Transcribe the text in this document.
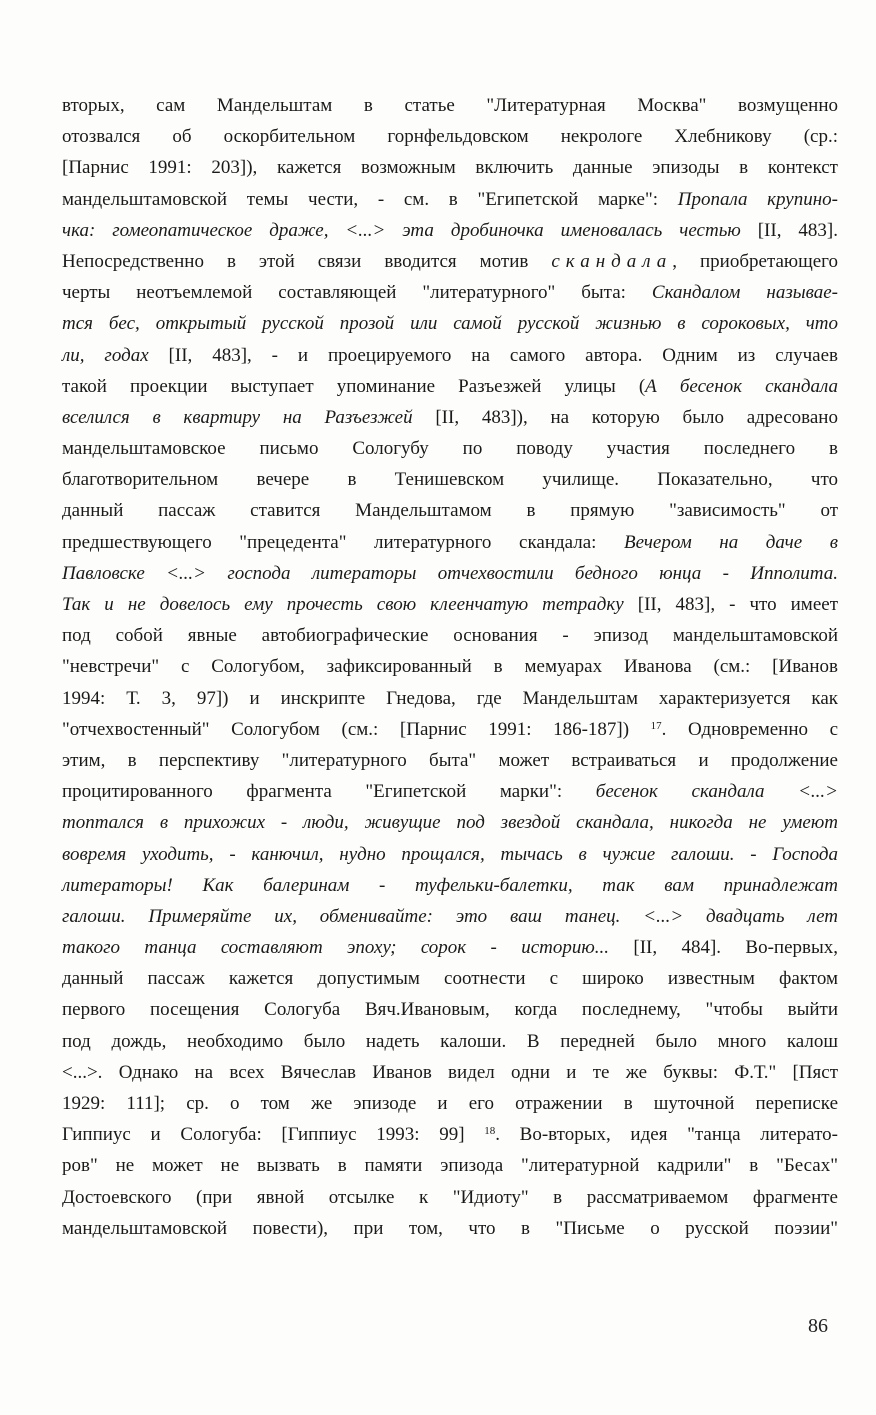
вторых, сам Мандельштам в статье "Литературная Москва" возмущенно
отозвался об оскорбительном горнфельдовском некрологе Хлебникову (ср.:
[Парнис 1991: 203]), кажется возможным включить данные эпизоды в контекст
мандельштамовской темы чести, - см. в "Египетской марке": Пропала крупино-
чка: гомеопатическое драже, <...> эта дробиночка именовалась честью [II, 483].
Непосредственно в этой связи вводится мотив скандала, приобретающего
черты неотъемлемой составляющей "литературного" быта: Скандалом называе-
тся бес, открытый русской прозой или самой русской жизнью в сороковых, что
ли, годах [II, 483], - и проецируемого на самого автора. Одним из случаев
такой проекции выступает упоминание Разъезжей улицы (А бесенок скандала
вселился в квартиру на Разъезжей [II, 483]), на которую было адресовано
мандельштамовское письмо Сологубу по поводу участия последнего в
благотворительном вечере в Тенишевском училище. Показательно, что
данный пассаж ставится Мандельштамом в прямую "зависимость" от
предшествующего "прецедента" литературного скандала: Вечером на даче в
Павловске <...> господа литераторы отчехвостили бедного юнца - Ипполита.
Так и не довелось ему прочесть свою клеенчатую тетрадку [II, 483], - что имеет
под собой явные автобиографические основания - эпизод мандельштамовской
"невстречи" с Сологубом, зафиксированный в мемуарах Иванова (см.: [Иванов
1994: Т. 3, 97]) и инскрипте Гнедова, где Мандельштам характеризуется как
"отчехвостенный" Сологубом (см.: [Парнис 1991: 186-187]) $^{17}$. Одновременно с
этим, в перспективу "литературного быта" может встраиваться и продолжение
процитированного фрагмента "Египетской марки": бесенок скандала <...>
топтался в прихожих - люди, живущие под звездой скандала, никогда не умеют
вовремя уходить, - канючил, нудно прощался, тычась в чужие галоши. - Господа
литераторы! Как балеринам - туфельки-балетки, так вам принадлежат
галоши. Примеряйте их, обменивайте: это ваш танец. <...> двадцать лет
такого танца составляют эпоху; сорок - историю... [II, 484]. Во-первых,
данный пассаж кажется допустимым соотнести с широко известным фактом
первого посещения Сологуба Вяч.Ивановым, когда последнему, "чтобы выйти
под дождь, необходимо было надеть калоши. В передней было много калош
<...>. Однако на всех Вячеслав Иванов видел одни и те же буквы: Ф.Т." [Пяст
1929: 111]; ср. о том же эпизоде и его отражении в шуточной переписке
Гиппиус и Сологуба: [Гиппиус 1993: 99] $^{18}$. Во-вторых, идея "танца литерато-
ров" не может не вызвать в памяти эпизода "литературной кадрили" в "Бесах"
Достоевского (при явной отсылке к "Идиоту" в рассматриваемом фрагменте
мандельштамовской повести), при том, что в "Письме о русской поэзии"
86
